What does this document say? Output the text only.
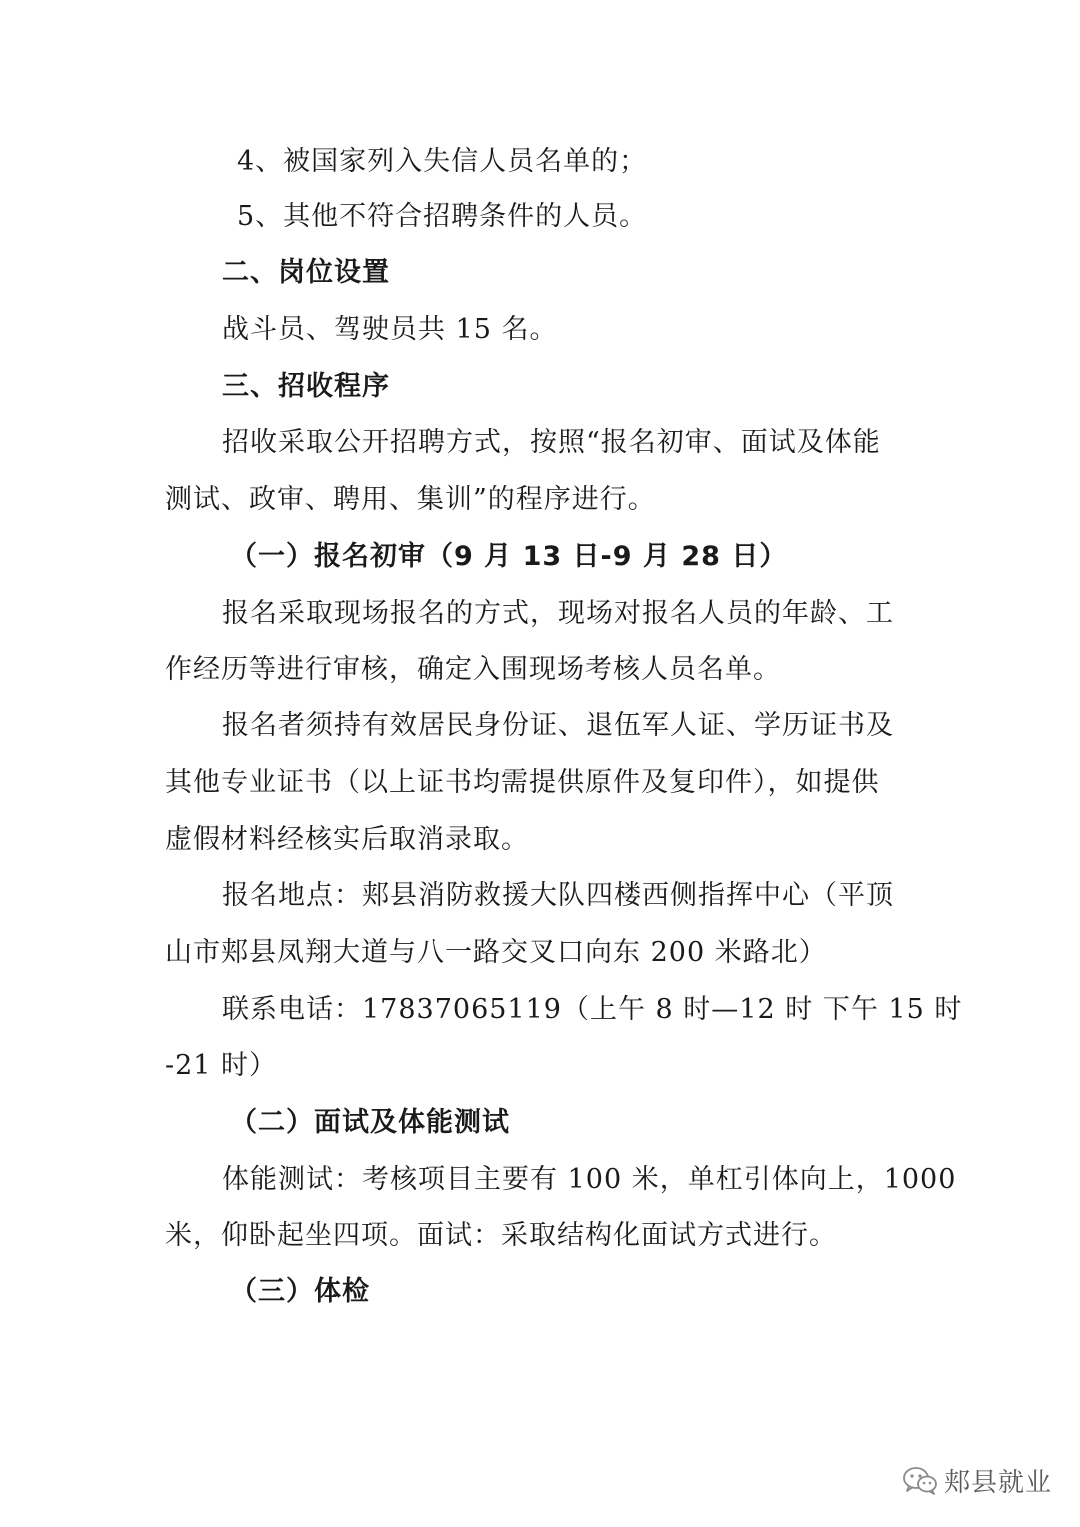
4、被国家列入失信人员名单的；
5、其他不符合招聘条件的人员。
二、岗位设置
战斗员、驾驶员共 15 名。
三、招收程序
招收采取公开招聘方式，按照“报名初审、面试及体能
测试、政审、聘用、集训”的程序进行。
（一）报名初审（9 月 13 日-9 月 28 日）
报名采取现场报名的方式，现场对报名人员的年龄、工
作经历等进行审核，确定入围现场考核人员名单。
报名者须持有效居民身份证、退伍军人证、学历证书及
其他专业证书（以上证书均需提供原件及复印件），如提供
虚假材料经核实后取消录取。
报名地点：郏县消防救援大队四楼西侧指挥中心（平顶
山市郏县凤翔大道与八一路交叉口向东 200 米路北）
联系电话：17837065119（上午 8 时—12 时 下午 15 时
-21 时）
（二）面试及体能测试
体能测试：考核项目主要有 100 米，单杠引体向上，1000
米，仰卧起坐四项。面试：采取结构化面试方式进行。
（三）体检
郏县就业
